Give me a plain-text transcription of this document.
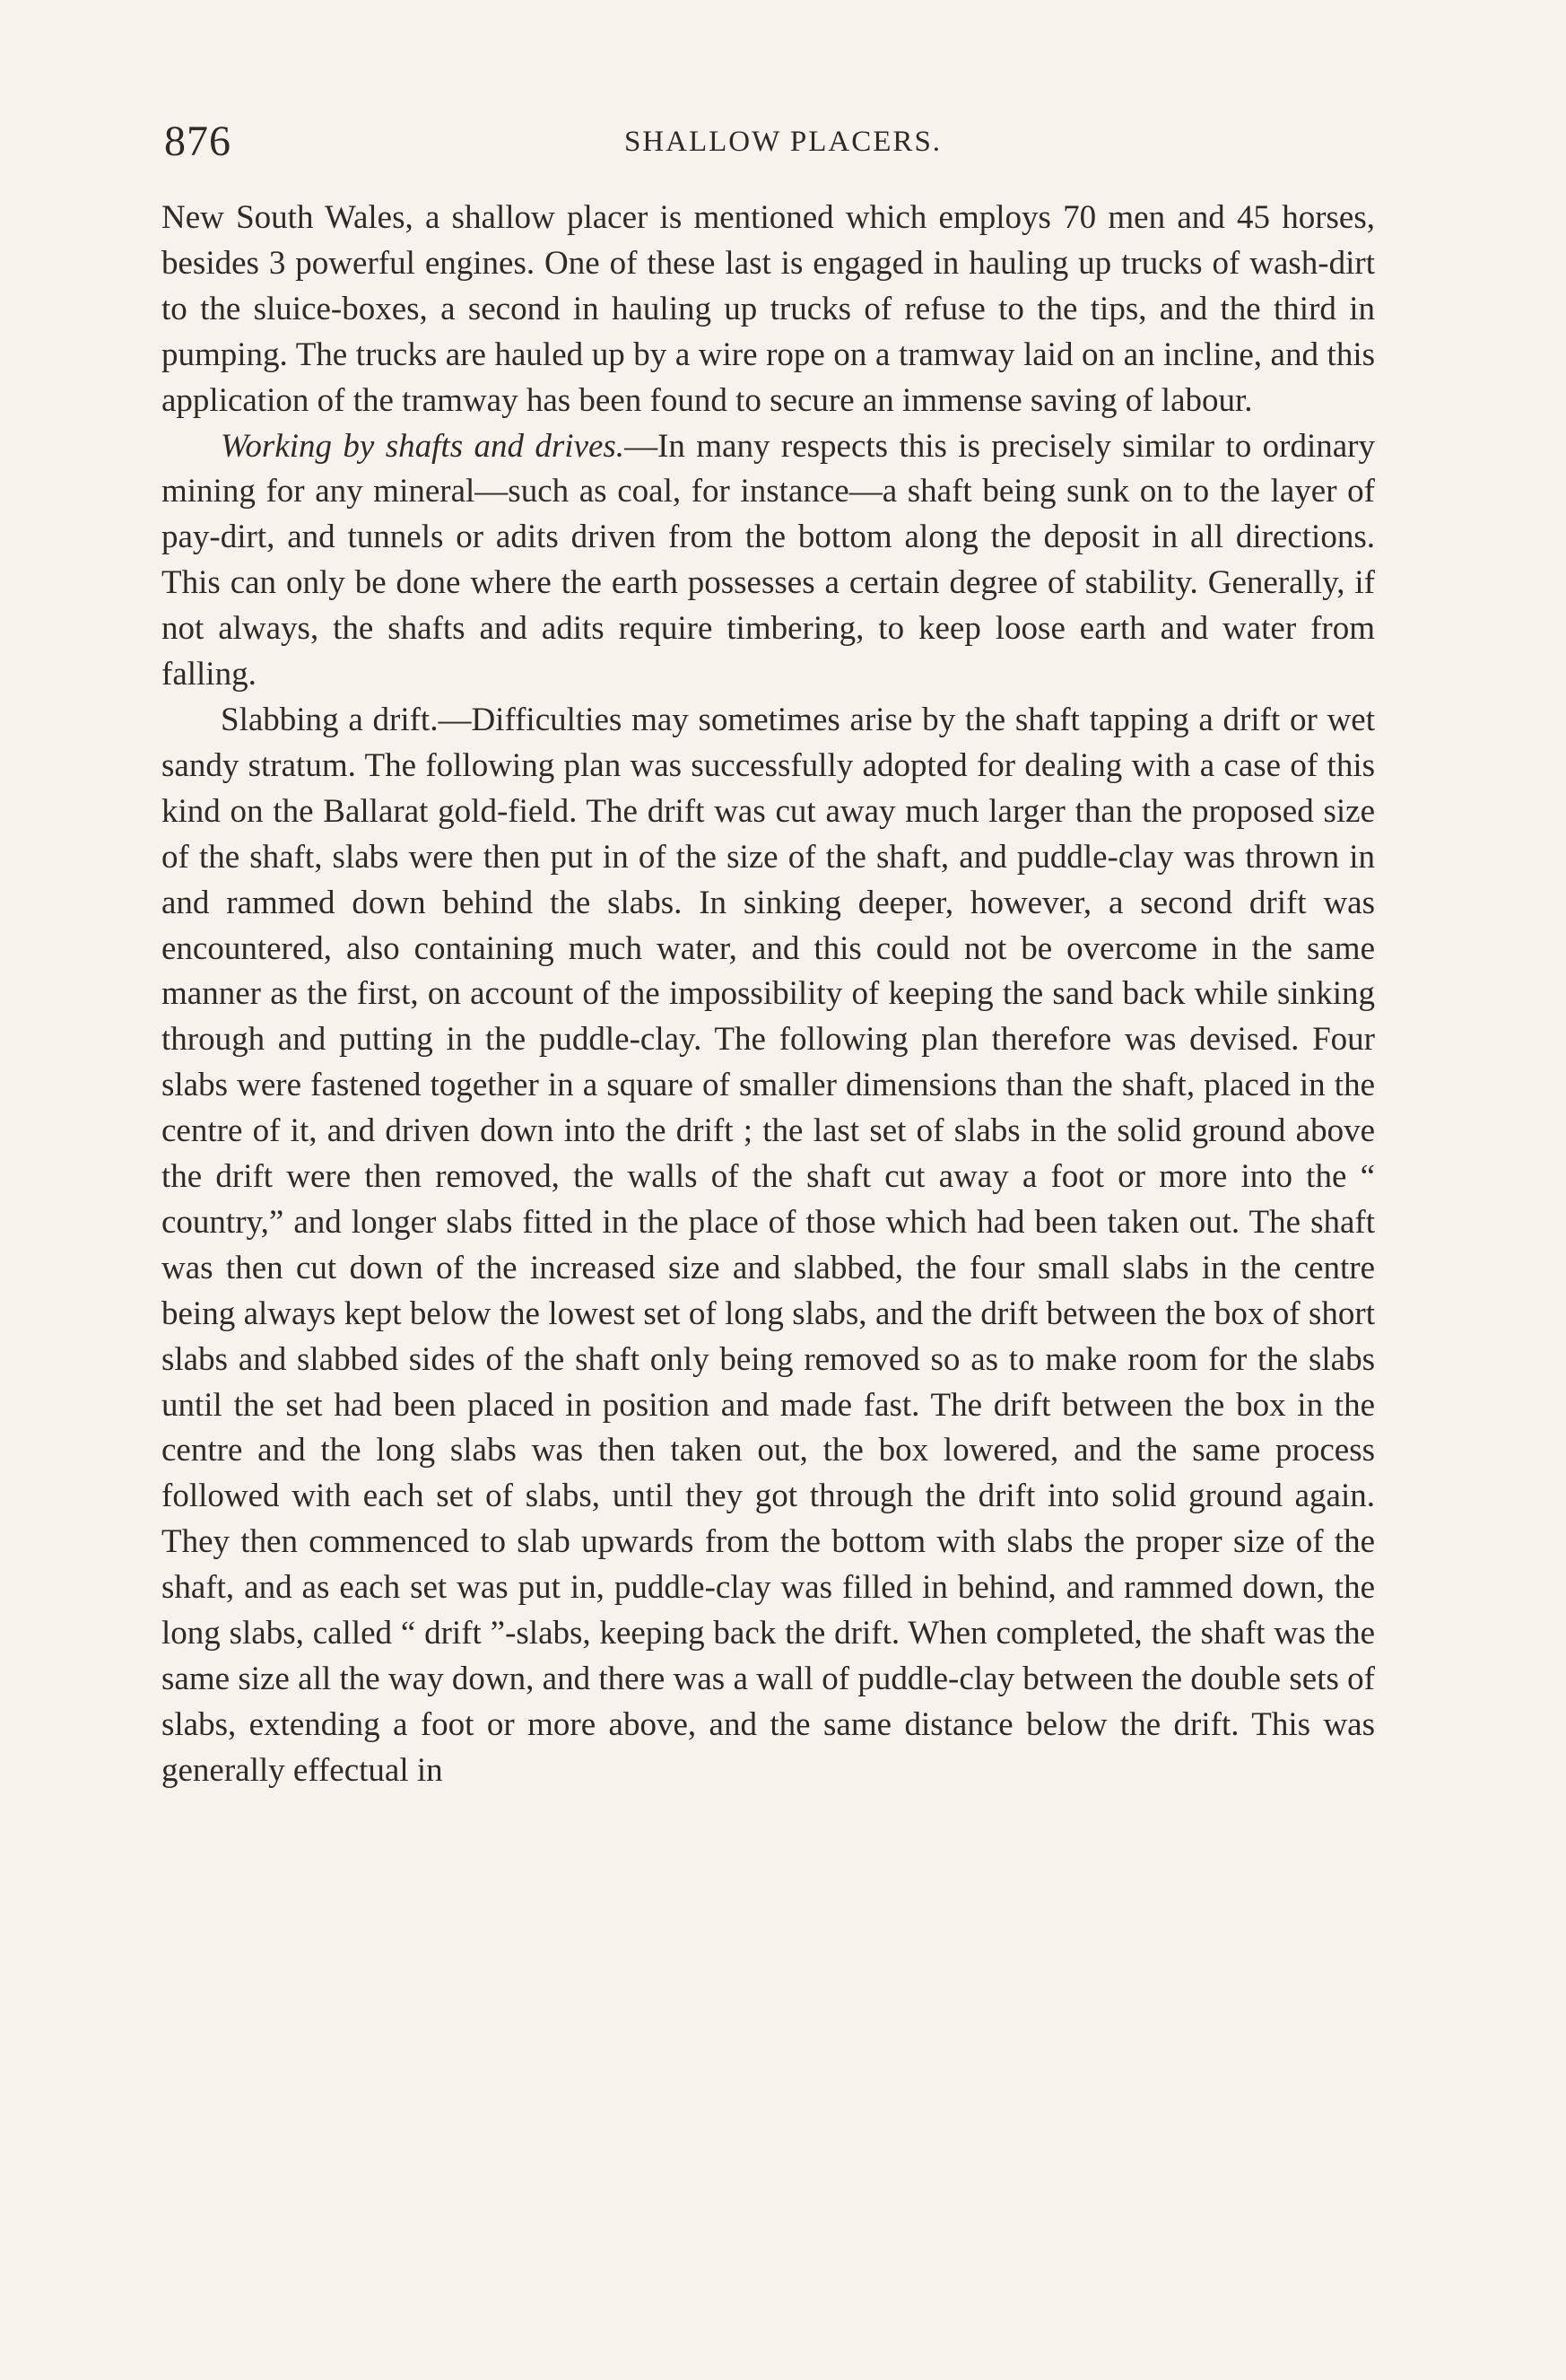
876	SHALLOW PLACERS.

New South Wales, a shallow placer is mentioned which employs 70 men and 45 horses, besides 3 powerful engines. One of these last is engaged in hauling up trucks of wash-dirt to the sluice-boxes, a second in hauling up trucks of refuse to the tips, and the third in pumping. The trucks are hauled up by a wire rope on a tramway laid on an incline, and this application of the tramway has been found to secure an immense saving of labour.

Working by shafts and drives.—In many respects this is precisely similar to ordinary mining for any mineral—such as coal, for instance—a shaft being sunk on to the layer of pay-dirt, and tunnels or adits driven from the bottom along the deposit in all directions. This can only be done where the earth possesses a certain degree of stability. Generally, if not always, the shafts and adits require timbering, to keep loose earth and water from falling.

Slabbing a drift.—Difficulties may sometimes arise by the shaft tapping a drift or wet sandy stratum. The following plan was successfully adopted for dealing with a case of this kind on the Ballarat gold-field. The drift was cut away much larger than the proposed size of the shaft, slabs were then put in of the size of the shaft, and puddle-clay was thrown in and rammed down behind the slabs. In sinking deeper, however, a second drift was encountered, also containing much water, and this could not be overcome in the same manner as the first, on account of the impossibility of keeping the sand back while sinking through and putting in the puddle-clay. The following plan therefore was devised. Four slabs were fastened together in a square of smaller dimensions than the shaft, placed in the centre of it, and driven down into the drift ; the last set of slabs in the solid ground above the drift were then removed, the walls of the shaft cut away a foot or more into the “ country,” and longer slabs fitted in the place of those which had been taken out. The shaft was then cut down of the increased size and slabbed, the four small slabs in the centre being always kept below the lowest set of long slabs, and the drift between the box of short slabs and slabbed sides of the shaft only being removed so as to make room for the slabs until the set had been placed in position and made fast. The drift between the box in the centre and the long slabs was then taken out, the box lowered, and the same process followed with each set of slabs, until they got through the drift into solid ground again. They then commenced to slab upwards from the bottom with slabs the proper size of the shaft, and as each set was put in, puddle-clay was filled in behind, and rammed down, the long slabs, called “ drift ”-slabs, keeping back the drift. When completed, the shaft was the same size all the way down, and there was a wall of puddle-clay between the double sets of slabs, extending a foot or more above, and the same distance below the drift. This was generally effectual in
